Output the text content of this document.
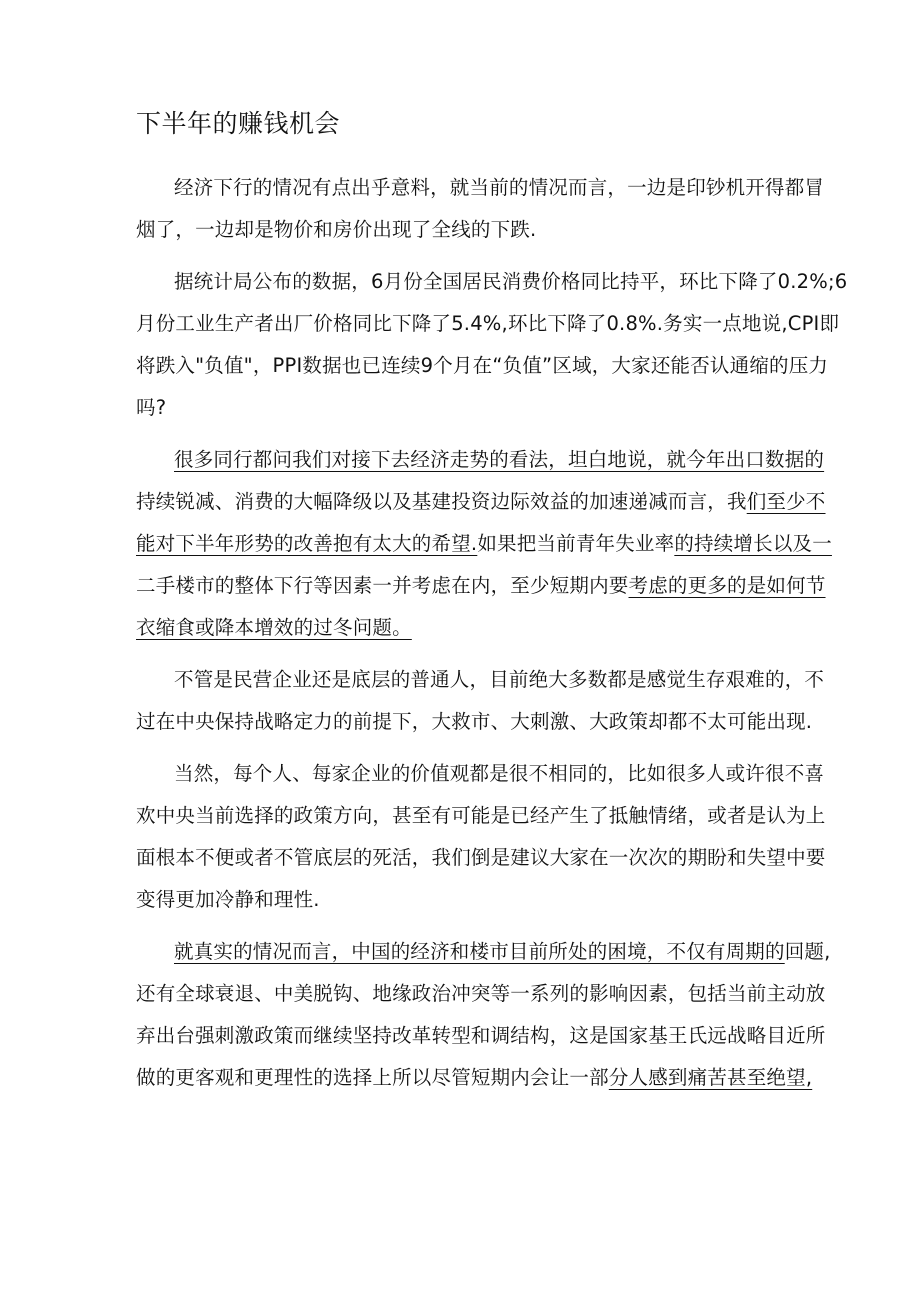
下半年的赚钱机会
经济下行的情况有点出乎意料，就当前的情况而言，一边是印钞机开得都冒
烟了，一边却是物价和房价出现了全线的下跌.
据统计局公布的数据，6月份全国居民消费价格同比持平，环比下降了0.2%;6
月份工业生产者出厂价格同比下降了5.4%,环比下降了0.8%.务实一点地说,CPI即
将跌入"负值"，PPI数据也已连续9个月在“负值”区域，大家还能否认通缩的压力
吗?
很多同行都问我们对接下去经济走势的看法，坦白地说，就今年出口数据的
持续锐减、消费的大幅降级以及基建投资边际效益的加速递减而言，我们至少不
能对下半年形势的改善抱有太大的希望.如果把当前青年失业率的持续增长以及一
二手楼市的整体下行等因素一并考虑在内，至少短期内要考虑的更多的是如何节
衣缩食或降本增效的过冬问题。
不管是民营企业还是底层的普通人，目前绝大多数都是感觉生存艰难的，不
过在中央保持战略定力的前提下，大救市、大刺激、大政策却都不太可能出现.
当然，每个人、每家企业的价值观都是很不相同的，比如很多人或许很不喜
欢中央当前选择的政策方向，甚至有可能是已经产生了抵触情绪，或者是认为上
面根本不便或者不管底层的死活，我们倒是建议大家在一次次的期盼和失望中要
变得更加冷静和理性.
就真实的情况而言，中国的经济和楼市目前所处的困境，不仅有周期的回题,
还有全球衰退、中美脱钩、地缘政治冲突等一系列的影响因素，包括当前主动放
弃出台强刺激政策而继续坚持改革转型和调结构，这是国家基王氏远战略目近所
做的更客观和更理性的选择上所以尽管短期内会让一部分人感到痛苦甚至绝望,
